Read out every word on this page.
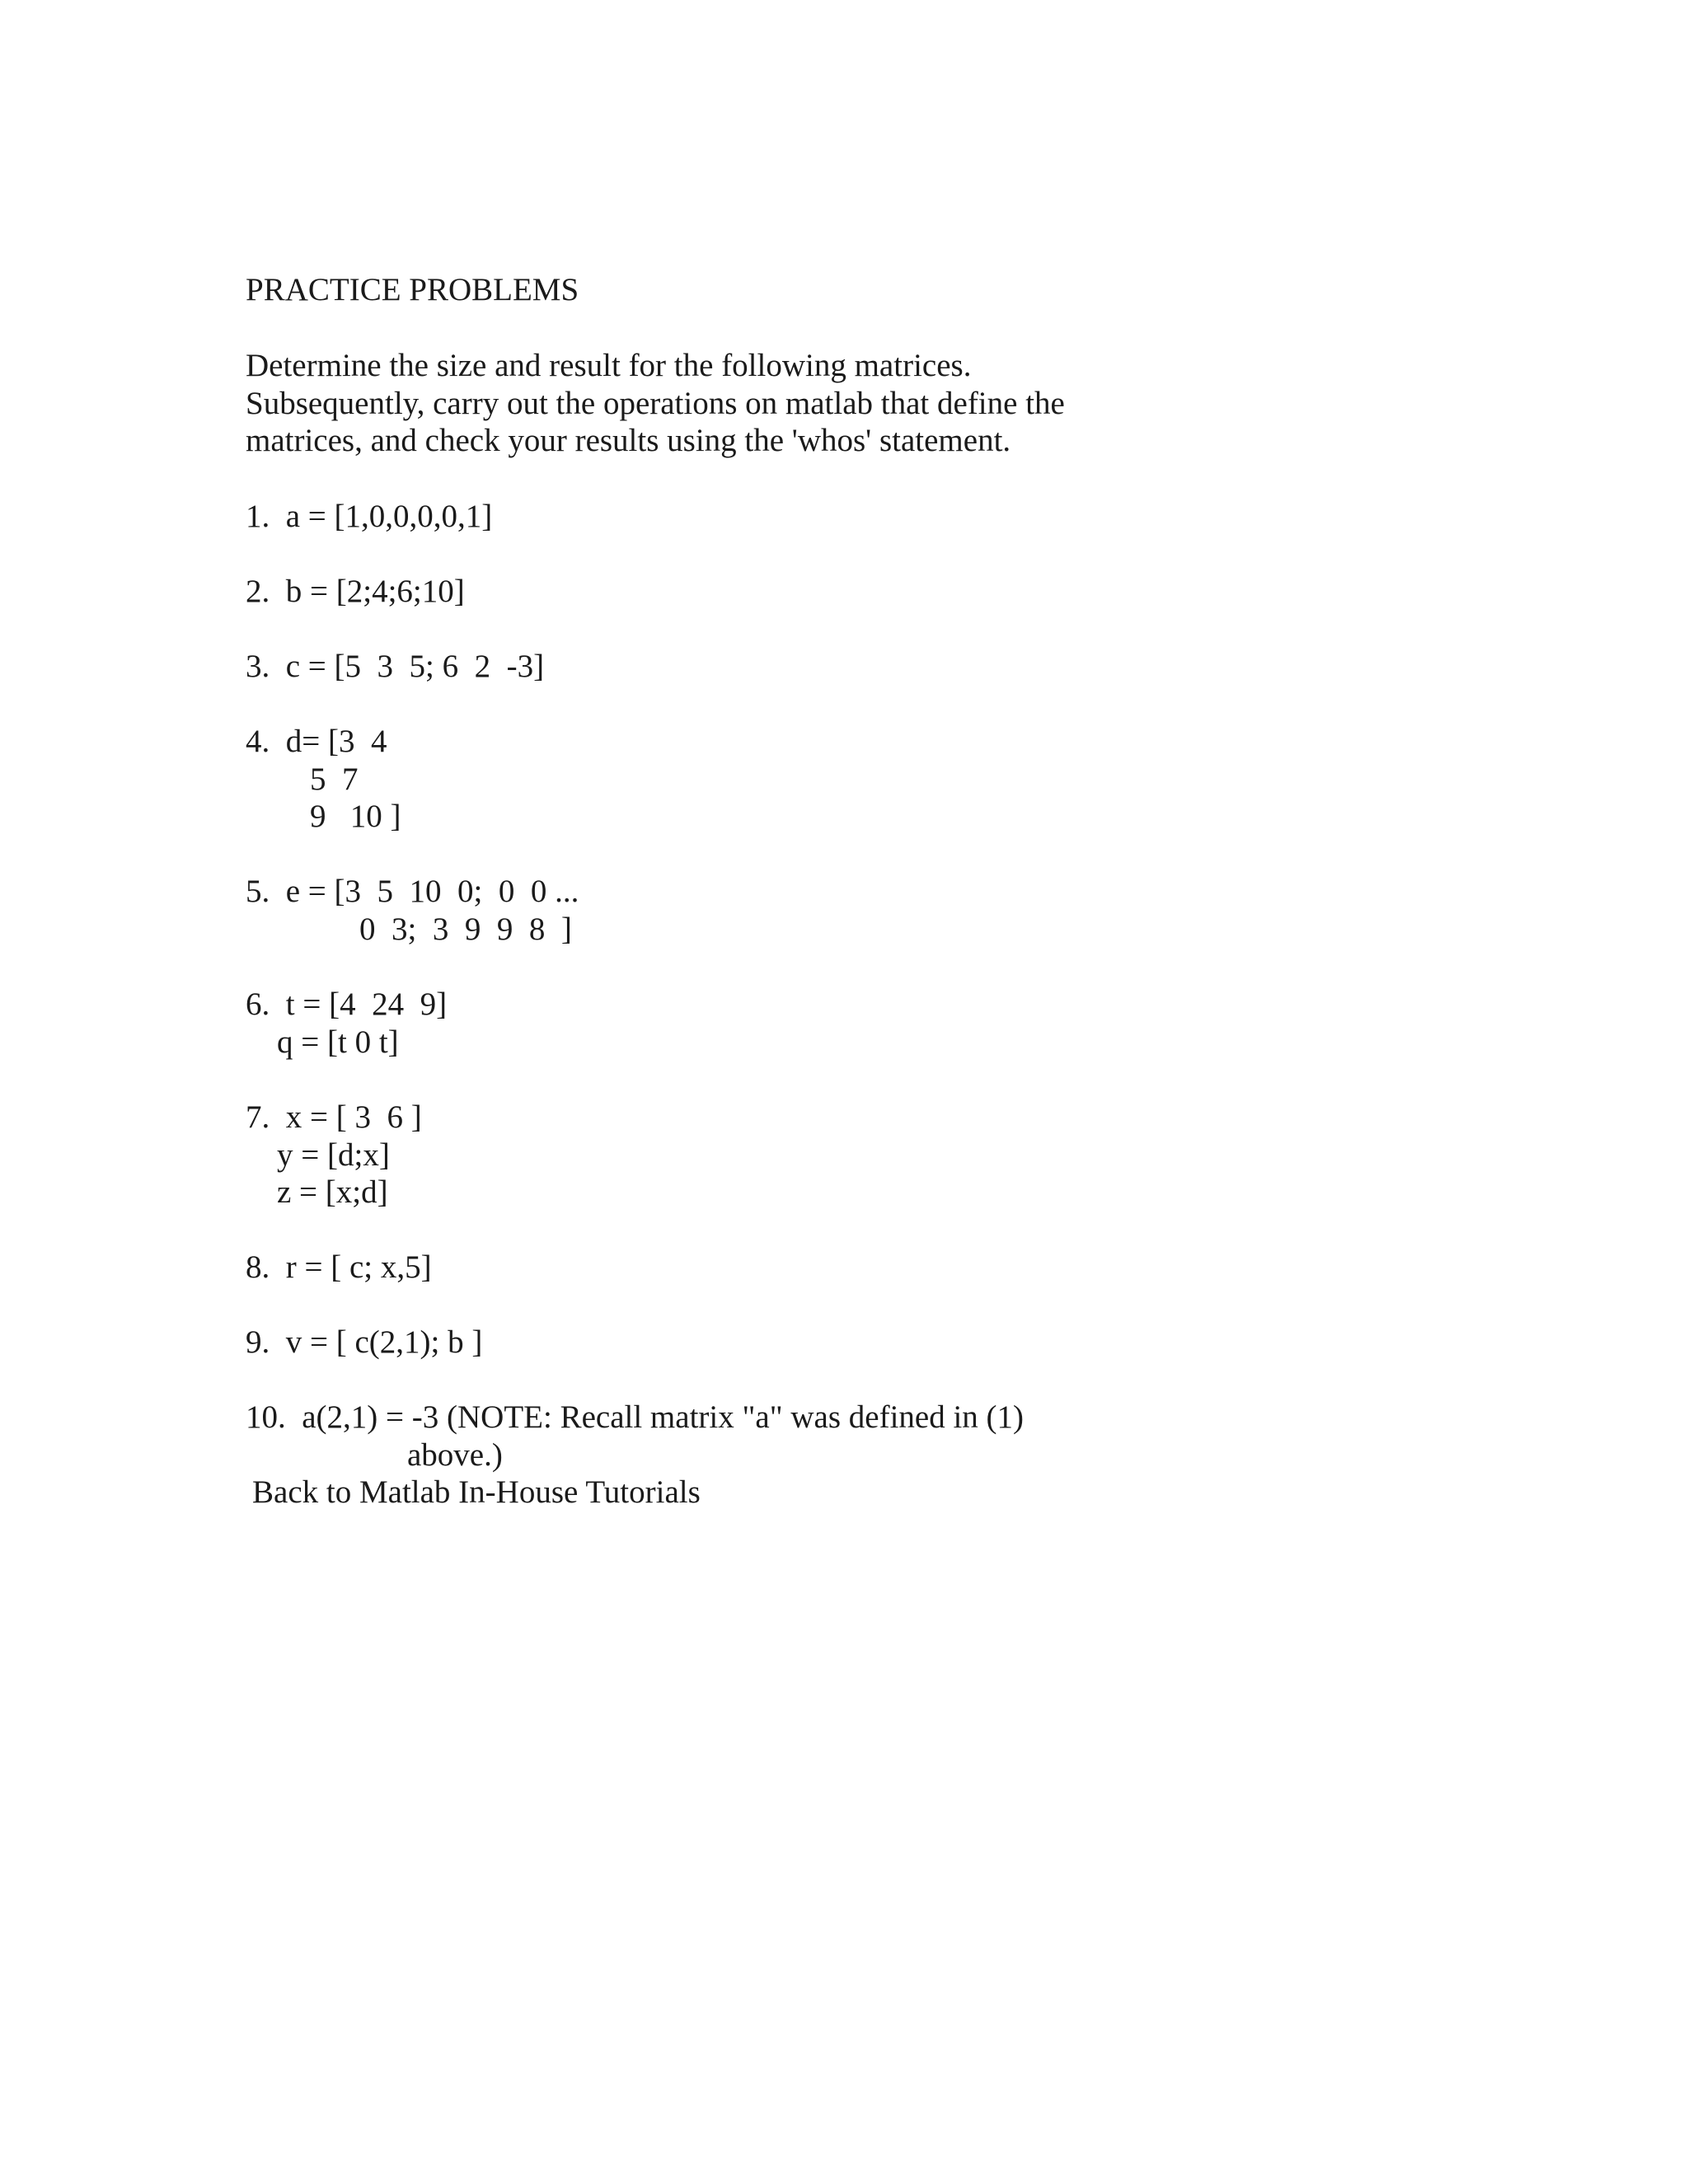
PRACTICE PROBLEMS

Determine the size and result for the following matrices.

Subsequently, carry out the operations on matlab that define the

matrices, and check your results using the 'whos' statement.

1.  a = [1,0,0,0,0,1]

2.  b = [2;4;6;10]

3.  c = [5  3  5; 6  2  -3]

4.  d= [3  4

5  7

9   10 ]

5.  e = [3  5  10  0;  0  0 ...

0  3;  3  9  9  8  ]

6.  t = [4  24  9]

q = [t 0 t]

7.  x = [ 3  6 ]

y = [d;x]

z = [x;d]

8.  r = [ c; x,5]

9.  v = [ c(2,1); b ]

10.  a(2,1) = -3 (NOTE: Recall matrix "a" was defined in (1)

above.)

Back to Matlab In-House Tutorials
